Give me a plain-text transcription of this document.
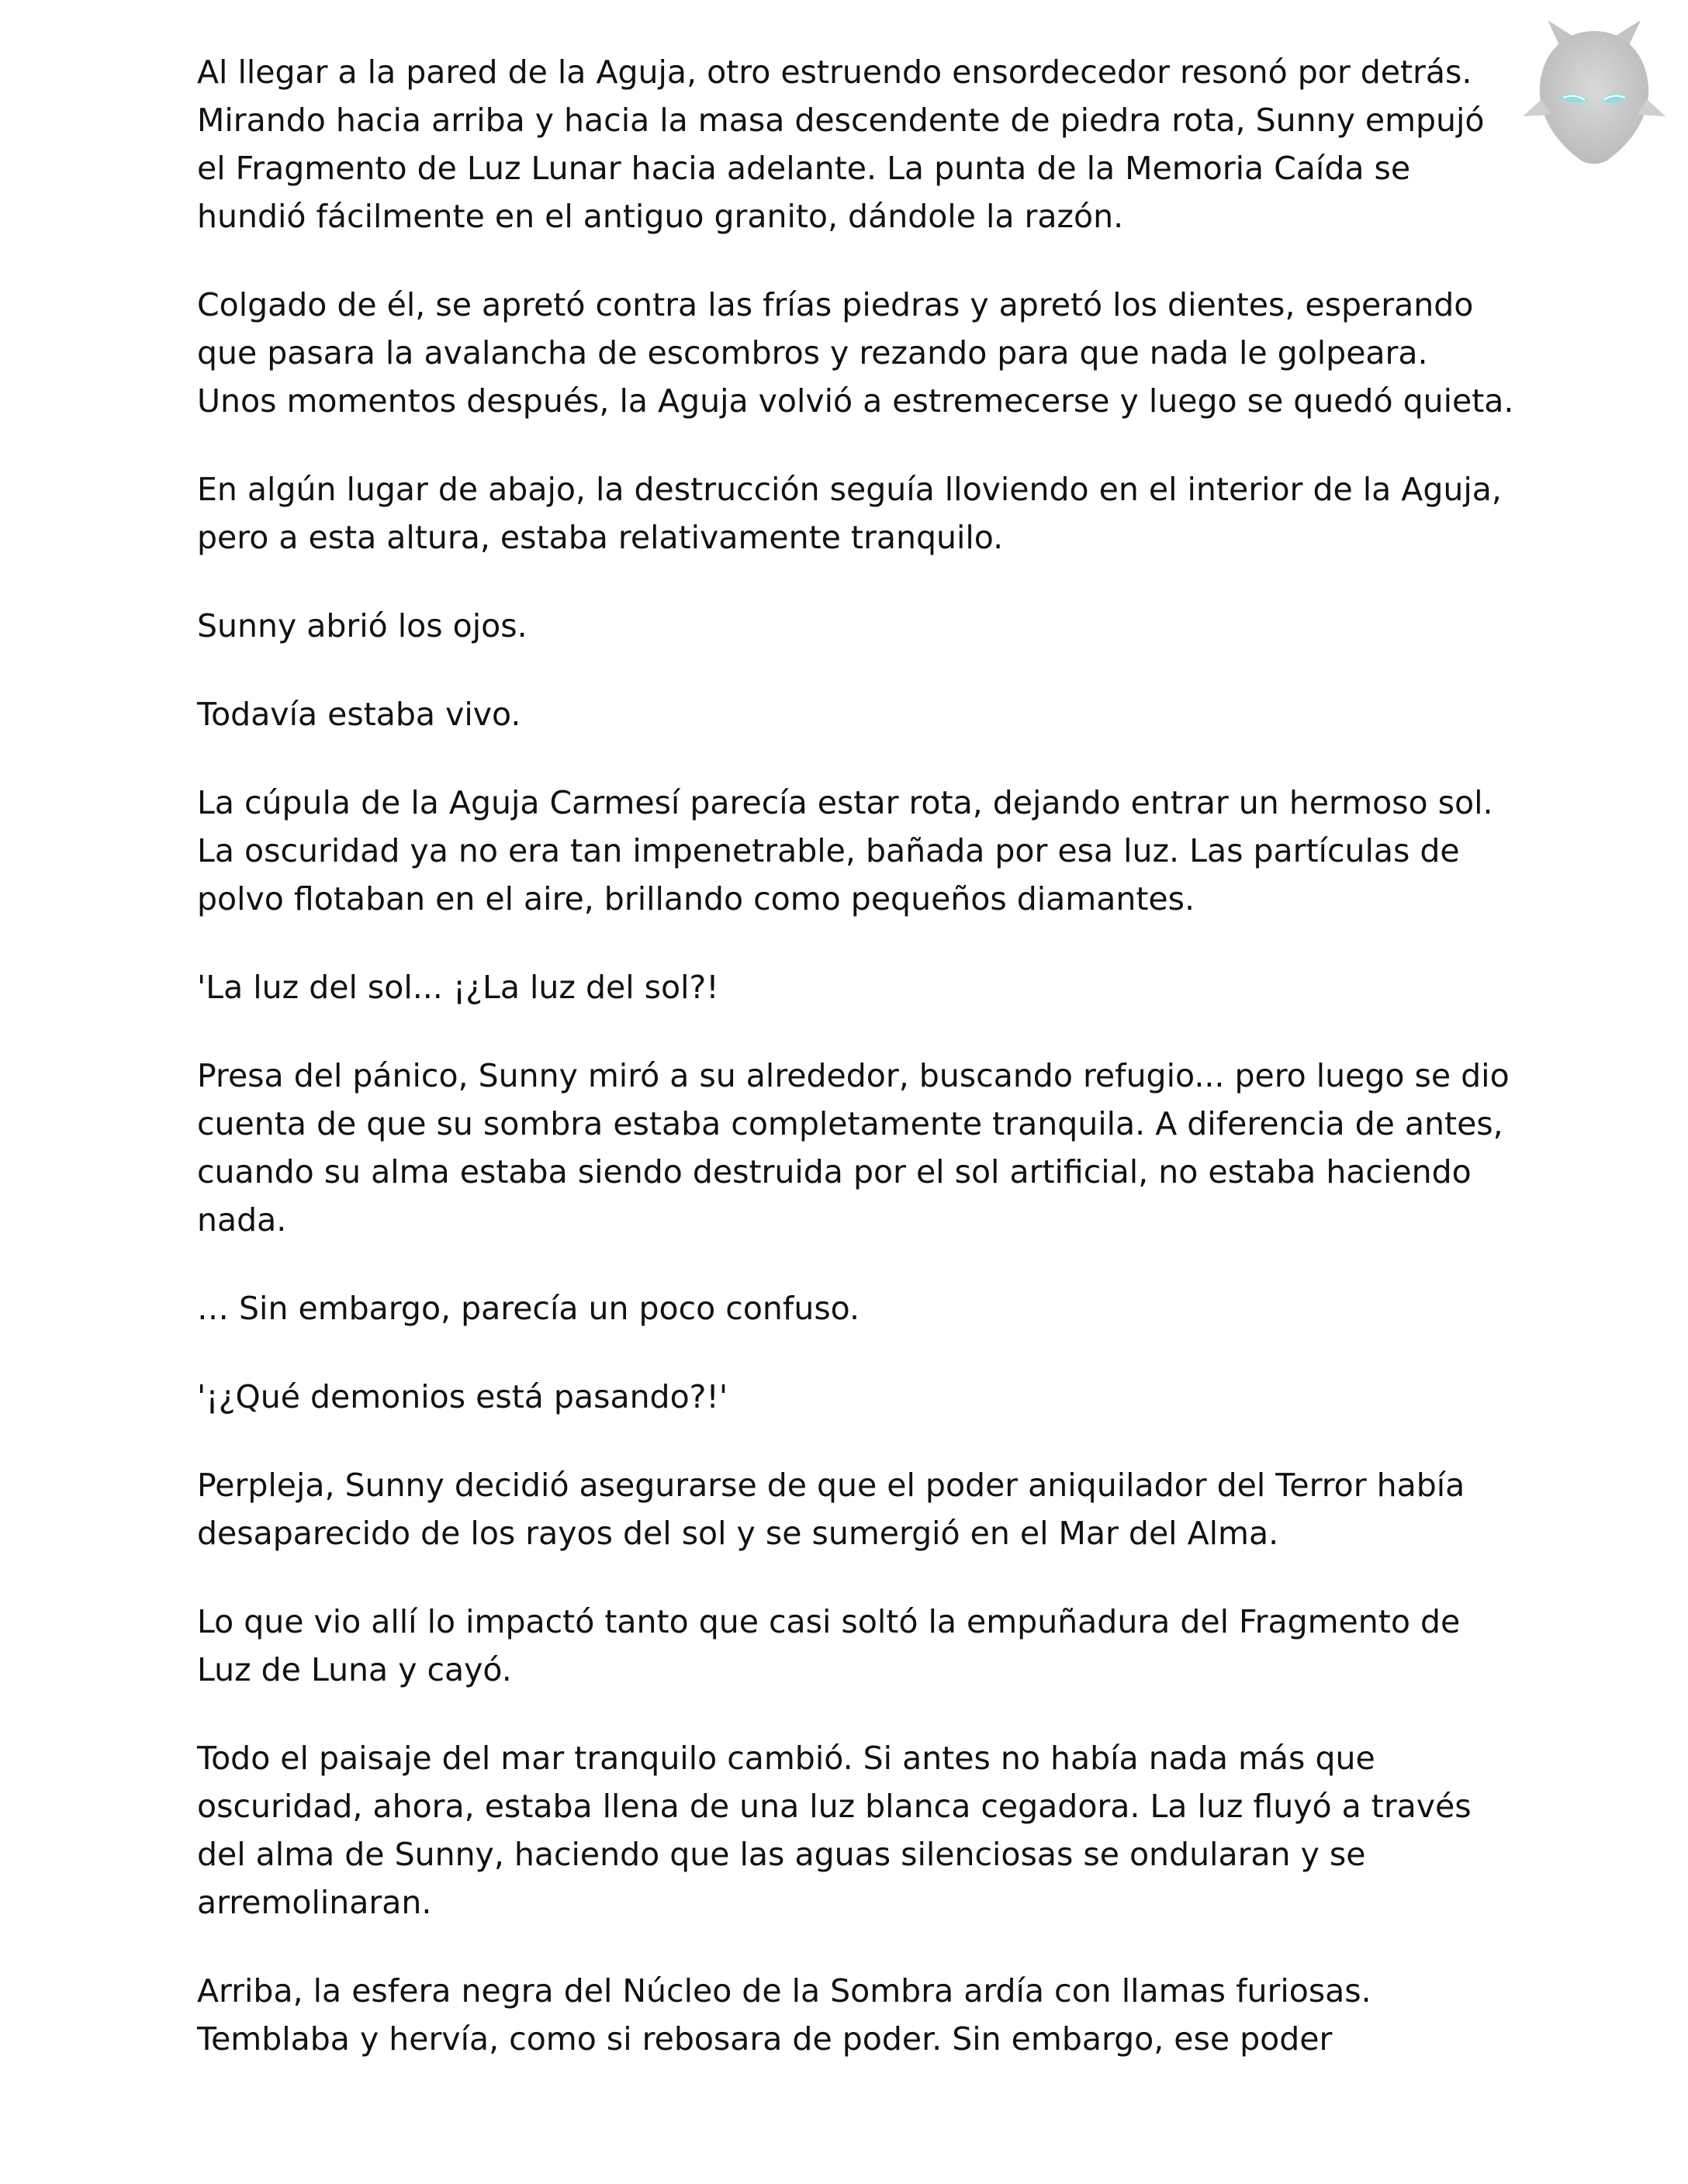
Al llegar a la pared de la Aguja, otro estruendo ensordecedor resonó por detrás. Mirando hacia arriba y hacia la masa descendente de piedra rota, Sunny empujó el Fragmento de Luz Lunar hacia adelante. La punta de la Memoria Caída se hundió fácilmente en el antiguo granito, dándole la razón.

Colgado de él, se apretó contra las frías piedras y apretó los dientes, esperando que pasara la avalancha de escombros y rezando para que nada le golpeara. Unos momentos después, la Aguja volvió a estremecerse y luego se quedó quieta.

En algún lugar de abajo, la destrucción seguía lloviendo en el interior de la Aguja, pero a esta altura, estaba relativamente tranquilo.

Sunny abrió los ojos.

Todavía estaba vivo.

La cúpula de la Aguja Carmesí parecía estar rota, dejando entrar un hermoso sol. La oscuridad ya no era tan impenetrable, bañada por esa luz. Las partículas de polvo flotaban en el aire, brillando como pequeños diamantes.

'La luz del sol... ¡¿La luz del sol?!

Presa del pánico, Sunny miró a su alrededor, buscando refugio... pero luego se dio cuenta de que su sombra estaba completamente tranquila. A diferencia de antes, cuando su alma estaba siendo destruida por el sol artificial, no estaba haciendo nada.

… Sin embargo, parecía un poco confuso.

'¡¿Qué demonios está pasando?!'

Perpleja, Sunny decidió asegurarse de que el poder aniquilador del Terror había desaparecido de los rayos del sol y se sumergió en el Mar del Alma.

Lo que vio allí lo impactó tanto que casi soltó la empuñadura del Fragmento de Luz de Luna y cayó.

Todo el paisaje del mar tranquilo cambió. Si antes no había nada más que oscuridad, ahora, estaba llena de una luz blanca cegadora. La luz fluyó a través del alma de Sunny, haciendo que las aguas silenciosas se ondularan y se arremolinaran.

Arriba, la esfera negra del Núcleo de la Sombra ardía con llamas furiosas. Temblaba y hervía, como si rebosara de poder. Sin embargo, ese poder
